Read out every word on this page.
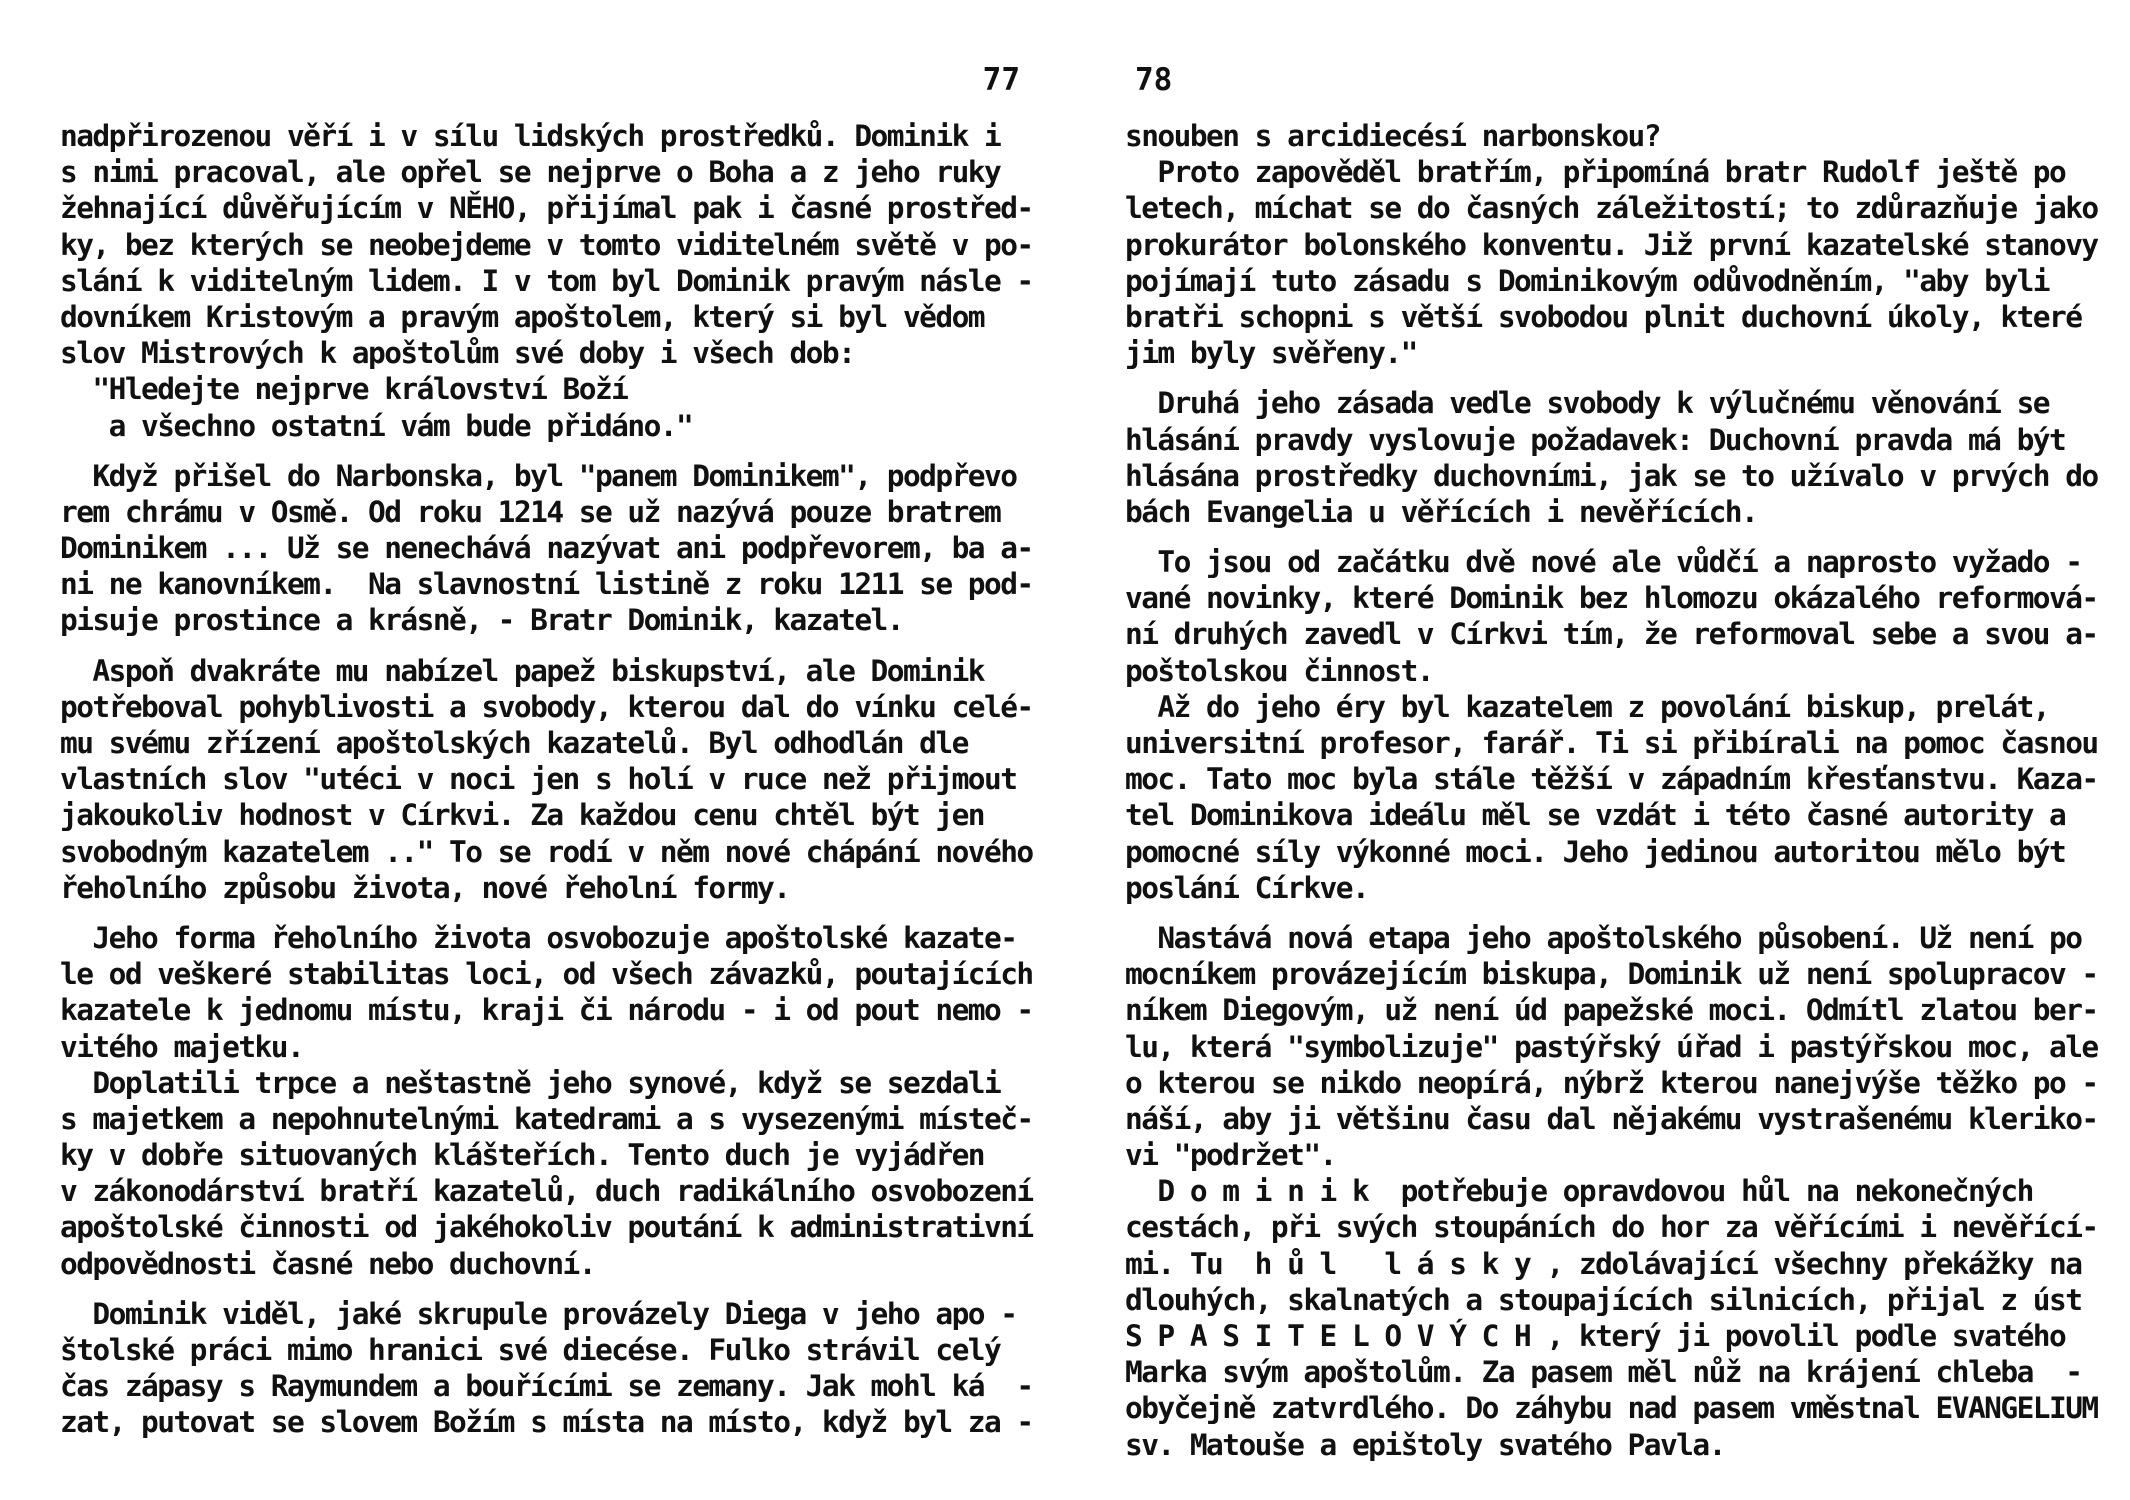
77
nadpřirozenou věří i v sílu lidských prostředků. Dominik i
s nimi pracoval, ale opřel se nejprve o Boha a z jeho ruky
žehnající důvěřujícím v NĚHO, přijímal pak i časné prostřed-
ky, bez kterých se neobejdeme v tomto viditelném světě v po-
slání k viditelným lidem. I v tom byl Dominik pravým násle -
dovníkem Kristovým a pravým apoštolem, který si byl vědom
slov Mistrových k apoštolům své doby i všech dob:
"Hledejte nejprve království Boží
a všechno ostatní vám bude přidáno."
Když přišel do Narbonska, byl "panem Dominikem", podpřevo
rem chrámu v Osmě. Od roku 1214 se už nazývá pouze bratrem
Dominikem ... Už se nenechává nazývat ani podpřevorem, ba a-
ni ne kanovníkem.  Na slavnostní listině z roku 1211 se pod-
pisuje prostince a krásně, - Bratr Dominik, kazatel.
Aspoň dvakráte mu nabízel papež biskupství, ale Dominik
potřeboval pohyblivosti a svobody, kterou dal do vínku celé-
mu svému zřízení apoštolských kazatelů. Byl odhodlán dle
vlastních slov "utéci v noci jen s holí v ruce než přijmout
jakoukoliv hodnost v Církvi. Za každou cenu chtěl být jen
svobodným kazatelem .." To se rodí v něm nové chápání nového
řeholního způsobu života, nové řeholní formy.
Jeho forma řeholního života osvobozuje apoštolské kazate-
le od veškeré stabilitas loci, od všech závazků, poutajících
kazatele k jednomu místu, kraji či národu - i od pout nemo -
vitého majetku.
Doplatili trpce a neštastně jeho synové, když se sezdali
s majetkem a nepohnutelnými katedrami a s vysezenými místeč-
ky v dobře situovaných klášteřích. Tento duch je vyjádřen
v zákonodárství bratří kazatelů, duch radikálního osvobození
apoštolské činnosti od jakéhokoliv poutání k administrativní
odpovědnosti časné nebo duchovní.
Dominik viděl, jaké skrupule provázely Diega v jeho apo -
štolské práci mimo hranici své diecése. Fulko strávil celý
čas zápasy s Raymundem a bouřícími se zemany. Jak mohl ká  -
zat, putovat se slovem Božím s místa na místo, když byl za -
78
snouben s arcidiecésí narbonskou?
Proto zapověděl bratřím, připomíná bratr Rudolf ještě po
letech, míchat se do časných záležitostí; to zdůrazňuje jako
prokurátor bolonského konventu. Již první kazatelské stanovy
pojímají tuto zásadu s Dominikovým odůvodněním, "aby byli
bratři schopni s větší svobodou plnit duchovní úkoly, které
jim byly svěřeny."
Druhá jeho zásada vedle svobody k výlučnému věnování se
hlásání pravdy vyslovuje požadavek: Duchovní pravda má být
hlásána prostředky duchovními, jak se to užívalo v prvých do
bách Evangelia u věřících i nevěřících.
To jsou od začátku dvě nové ale vůdčí a naprosto vyžado -
vané novinky, které Dominik bez hlomozu okázalého reformová-
ní druhých zavedl v Církvi tím, že reformoval sebe a svou a-
poštolskou činnost.
Až do jeho éry byl kazatelem z povolání biskup, prelát,
universitní profesor, farář. Ti si přibírali na pomoc časnou
moc. Tato moc byla stále těžší v západním křesťanstvu. Kaza-
tel Dominikova ideálu měl se vzdát i této časné autority a
pomocné síly výkonné moci. Jeho jedinou autoritou mělo být
poslání Církve.
Nastává nová etapa jeho apoštolského působení. Už není po
mocníkem provázejícím biskupa, Dominik už není spolupracov -
níkem Diegovým, už není úd papežské moci. Odmítl zlatou ber-
lu, která "symbolizuje" pastýřský úřad i pastýřskou moc, ale
o kterou se nikdo neopírá, nýbrž kterou nanejvýše těžko po -
náší, aby ji většinu času dal nějakému vystrašenému kleriko-
vi "podržet".
D o m i n i k  potřebuje opravdovou hůl na nekonečných
cestách, při svých stoupáních do hor za věřícími i nevěřící-
mi. Tu  h ů l   l á s k y , zdolávající všechny překážky na
dlouhých, skalnatých a stoupajících silnicích, přijal z úst
S P A S I T E L O V Ý C H , který ji povolil podle svatého
Marka svým apoštolům. Za pasem měl nůž na krájení chleba  -
obyčejně zatvrdlého. Do záhybu nad pasem vměstnal EVANGELIUM
sv. Matouše a epištoly svatého Pavla.
